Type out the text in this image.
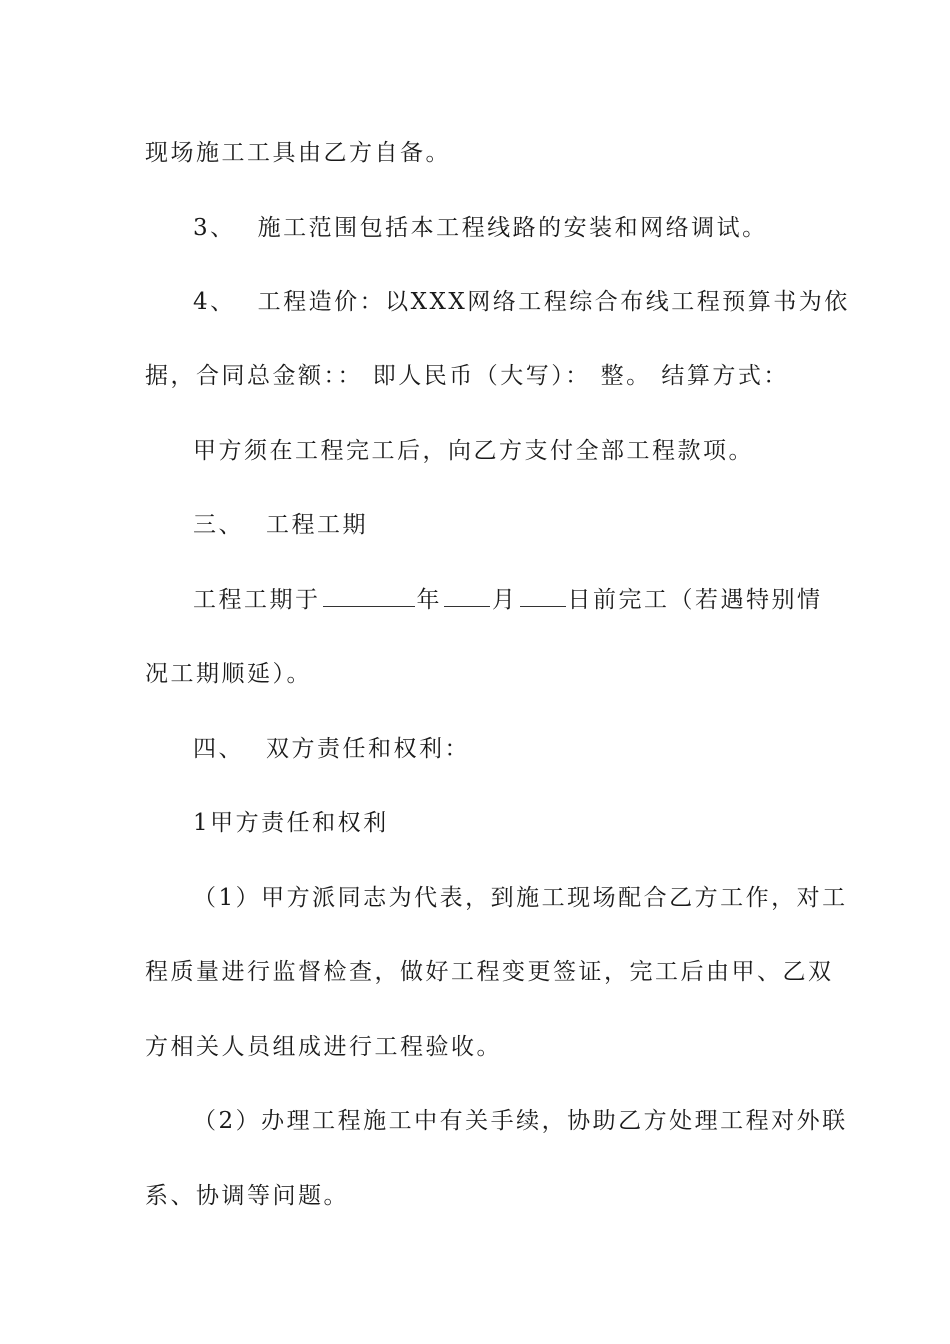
现场施工工具由乙方自备。
3、 施工范围包括本工程线路的安装和网络调试。
4、 工程造价：以XXX网络工程综合布线工程预算书为依
据，合同总金额：： 即人民币（大写）： 整。 结算方式：
甲方须在工程完工后，向乙方支付全部工程款项。
三、 工程工期
工程工期于	年 月 日前完工（若遇特别情
况工期顺延）。
四、 双方责任和权利：
1甲方责任和权利
（1）甲方派同志为代表，到施工现场配合乙方工作，对工
程质量进行监督检查，做好工程变更签证，完工后由甲、乙双
方相关人员组成进行工程验收。
（2）办理工程施工中有关手续，协助乙方处理工程对外联
系、协调等问题。
